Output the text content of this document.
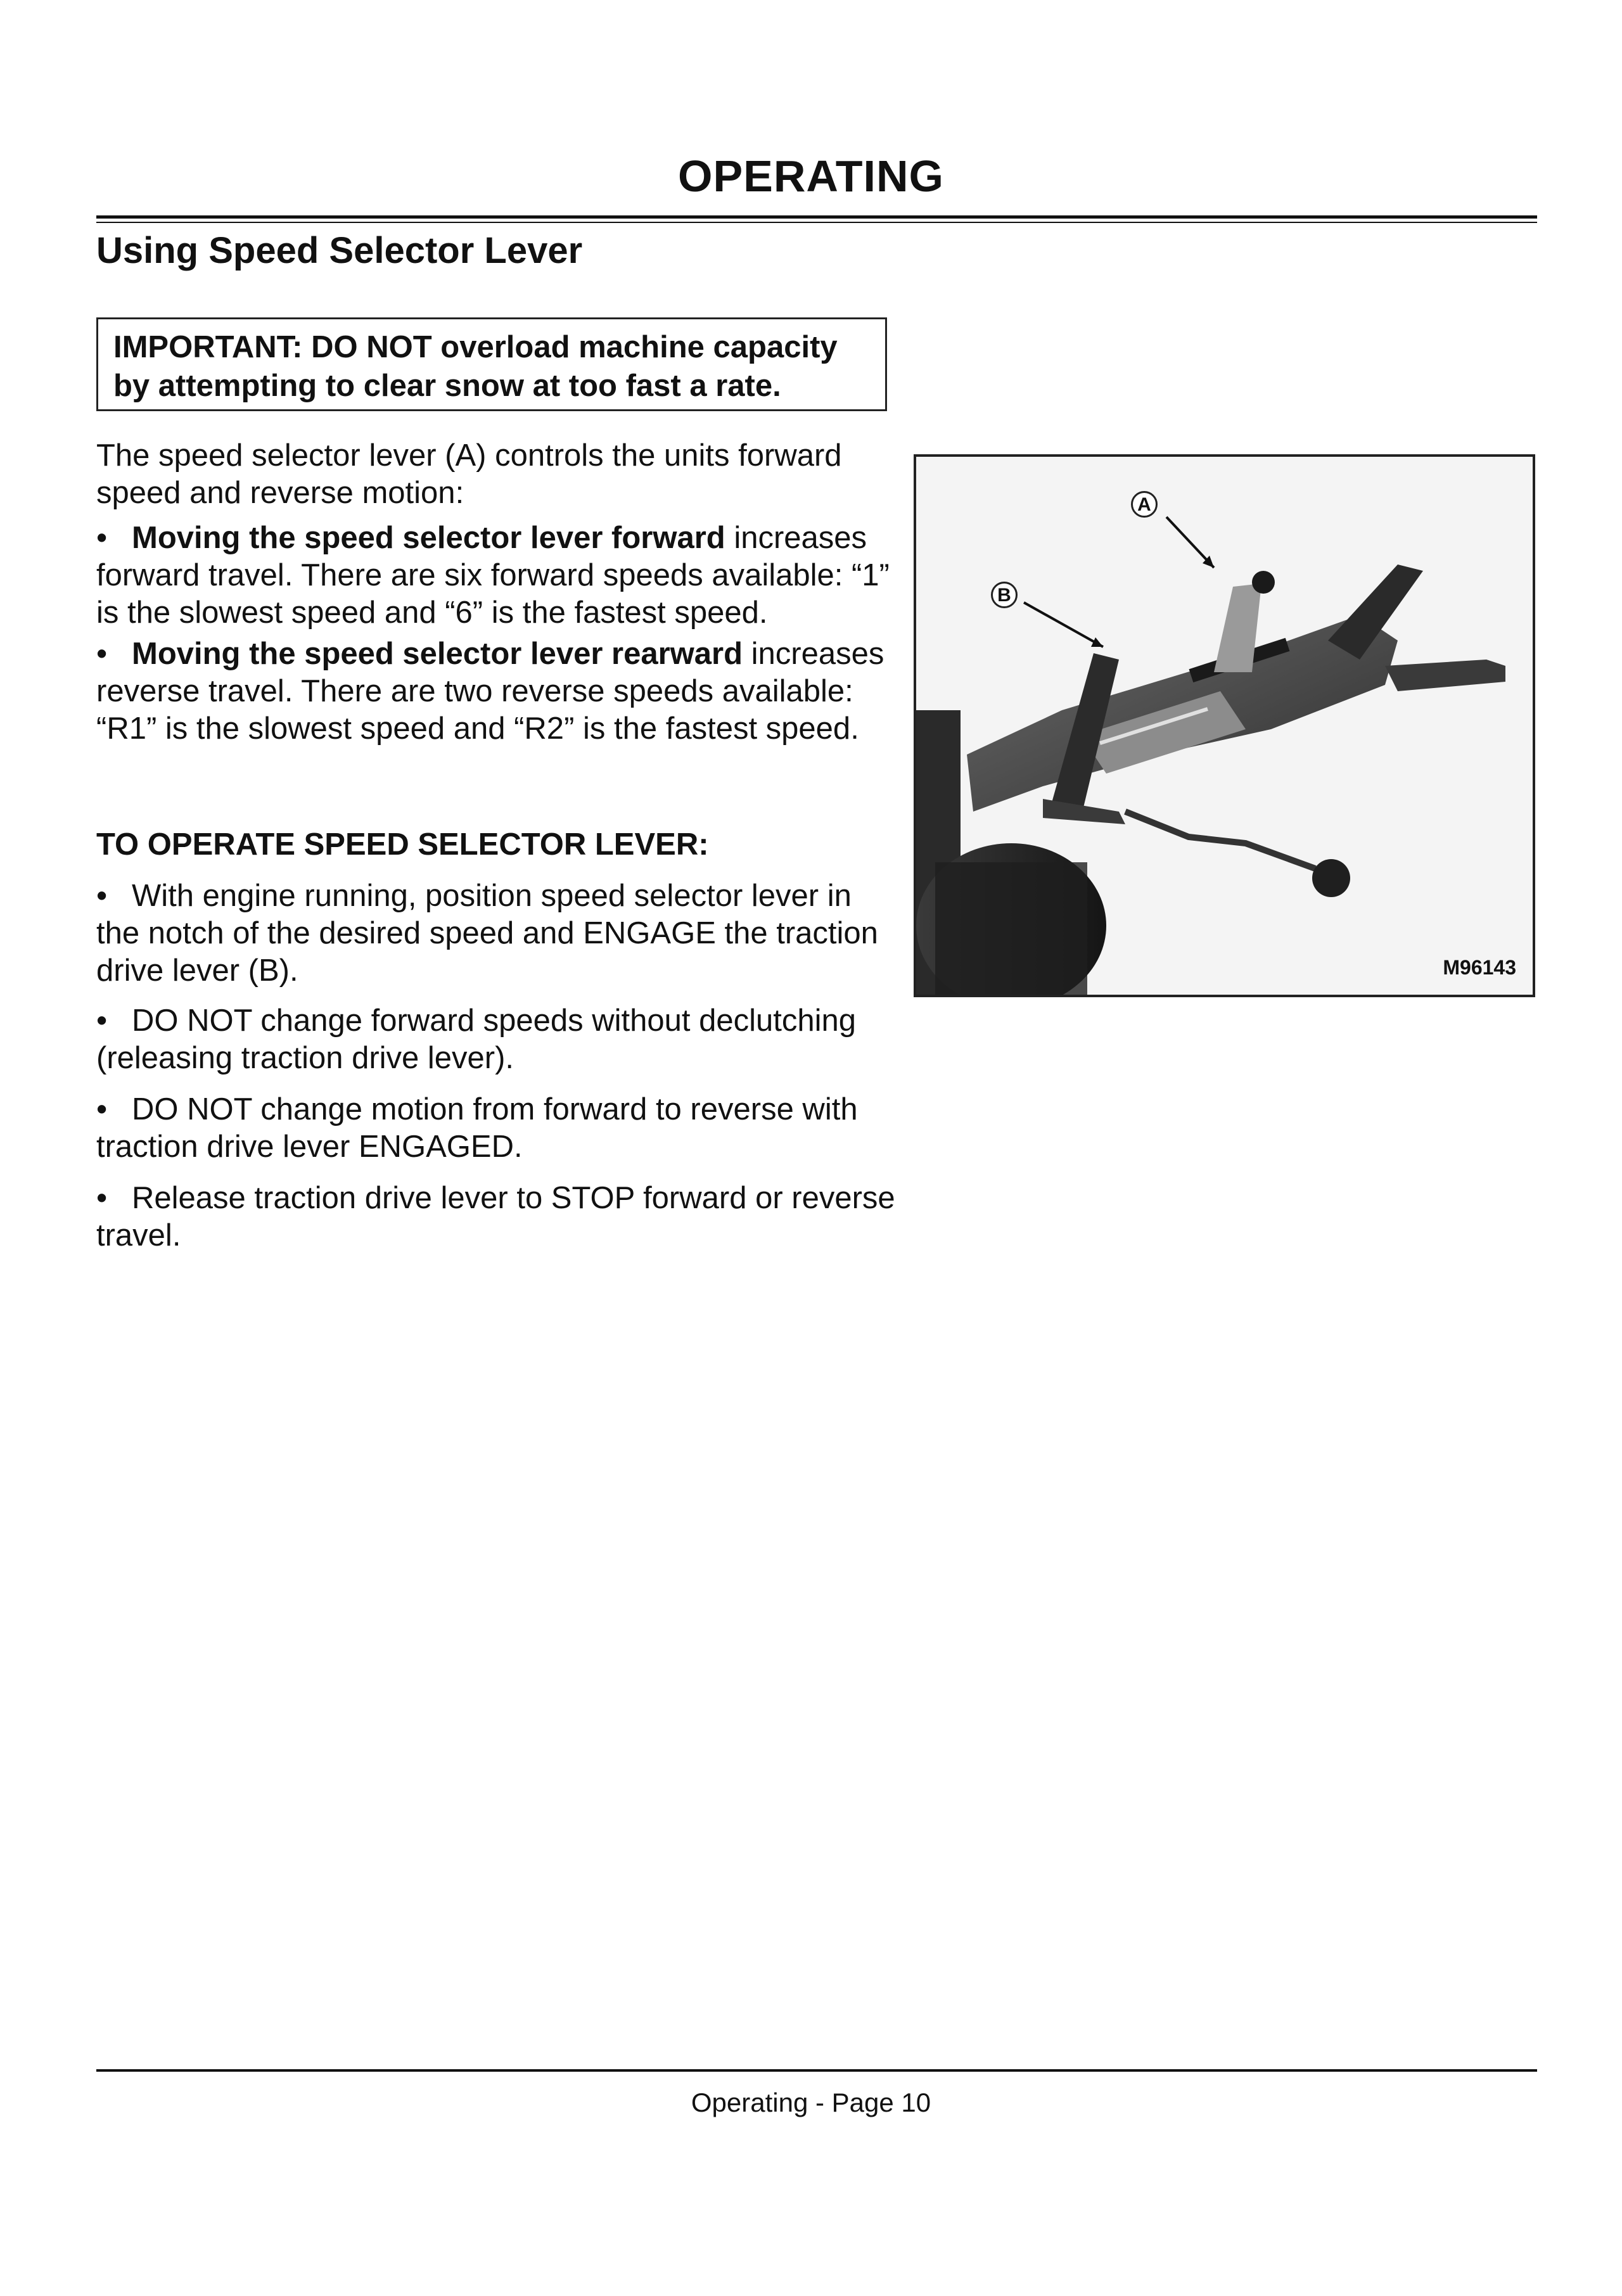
OPERATING
Using Speed Selector Lever
IMPORTANT: DO NOT overload machine capacity by attempting to clear snow at too fast a rate.
The speed selector lever (A) controls the units forward speed and reverse motion:
• Moving the speed selector lever forward increases forward travel. There are six forward speeds available: “1” is the slowest speed and “6” is the fastest speed.
• Moving the speed selector lever rearward increases reverse travel. There are two reverse speeds available: “R1” is the slowest speed and “R2” is the fastest speed.
TO OPERATE SPEED SELECTOR LEVER:
• With engine running, position speed selector lever in the notch of the desired speed and ENGAGE the traction drive lever (B).
• DO NOT change forward speeds without declutching (releasing traction drive lever).
• DO NOT change motion from forward to reverse with traction drive lever ENGAGED.
• Release traction drive lever to STOP forward or reverse travel.
A
B
M96143
Operating - Page 10
